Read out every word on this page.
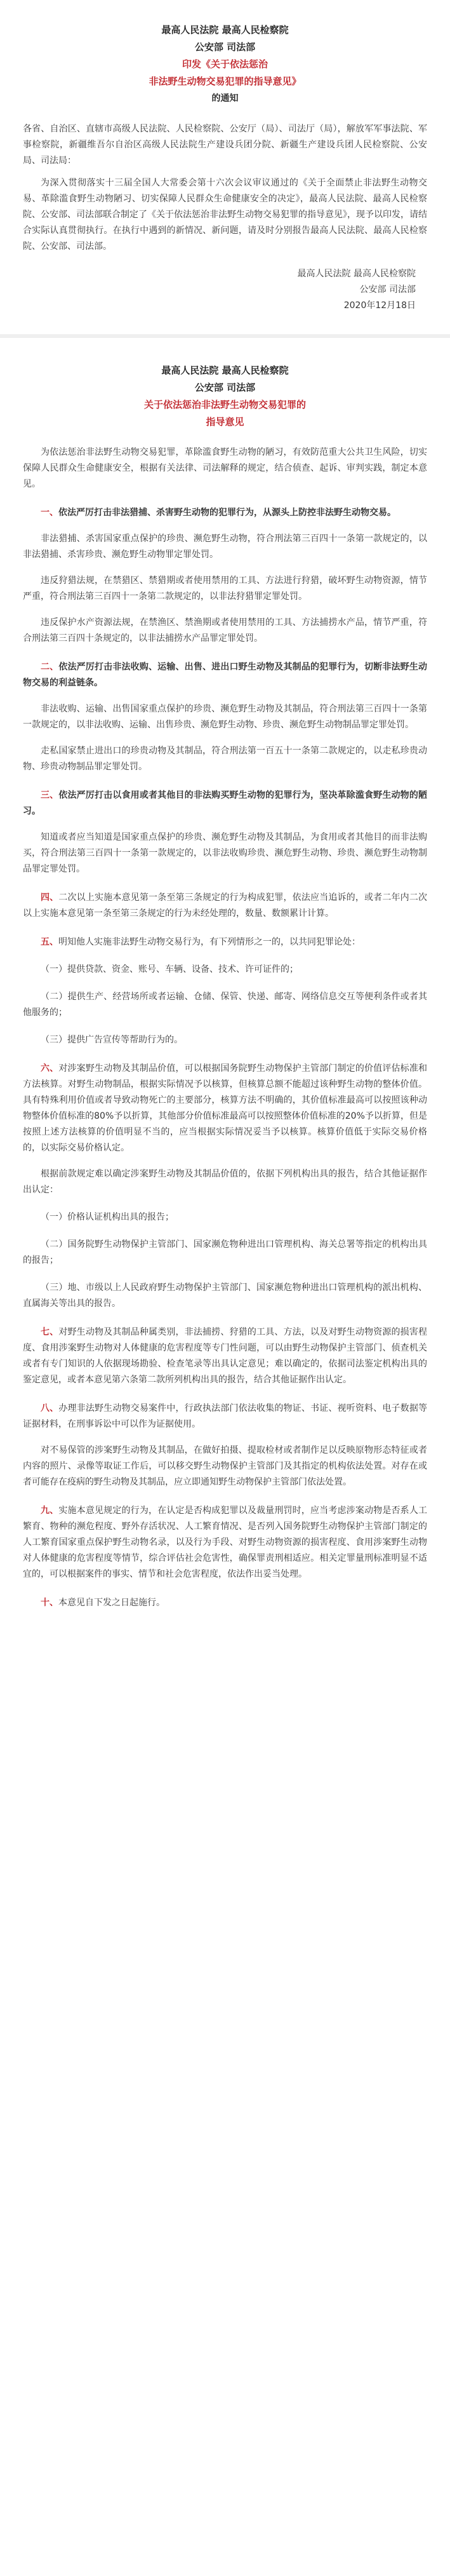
最高人民法院 最高人民检察院
公安部 司法部
印发《关于依法惩治
非法野生动物交易犯罪的指导意见》
的通知
各省、自治区、直辖市高级人民法院、人民检察院、公安厅（局）、司法厅（局），解放军军事法院、军事检察院，新疆维吾尔自治区高级人民法院生产建设兵团分院、新疆生产建设兵团人民检察院、公安局、司法局：
为深入贯彻落实十三届全国人大常委会第十六次会议审议通过的《关于全面禁止非法野生动物交易、革除滥食野生动物陋习、切实保障人民群众生命健康安全的决定》，最高人民法院、最高人民检察院、公安部、司法部联合制定了《关于依法惩治非法野生动物交易犯罪的指导意见》，现予以印发，请结合实际认真贯彻执行。在执行中遇到的新情况、新问题，请及时分别报告最高人民法院、最高人民检察院、公安部、司法部。
最高人民法院 最高人民检察院
公安部 司法部
2020年12月18日
最高人民法院 最高人民检察院
公安部 司法部
关于依法惩治非法野生动物交易犯罪的
指导意见
为依法惩治非法野生动物交易犯罪，革除滥食野生动物的陋习，有效防范重大公共卫生风险，切实保障人民群众生命健康安全，根据有关法律、司法解释的规定，结合侦查、起诉、审判实践，制定本意见。
一、依法严厉打击非法猎捕、杀害野生动物的犯罪行为，从源头上防控非法野生动物交易。
非法猎捕、杀害国家重点保护的珍贵、濒危野生动物，符合刑法第三百四十一条第一款规定的，以非法猎捕、杀害珍贵、濒危野生动物罪定罪处罚。
违反狩猎法规，在禁猎区、禁猎期或者使用禁用的工具、方法进行狩猎，破坏野生动物资源，情节严重，符合刑法第三百四十一条第二款规定的，以非法狩猎罪定罪处罚。
违反保护水产资源法规，在禁渔区、禁渔期或者使用禁用的工具、方法捕捞水产品，情节严重，符合刑法第三百四十条规定的，以非法捕捞水产品罪定罪处罚。
二、依法严厉打击非法收购、运输、出售、进出口野生动物及其制品的犯罪行为，切断非法野生动物交易的利益链条。
非法收购、运输、出售国家重点保护的珍贵、濒危野生动物及其制品，符合刑法第三百四十一条第一款规定的，以非法收购、运输、出售珍贵、濒危野生动物、珍贵、濒危野生动物制品罪定罪处罚。
走私国家禁止进出口的珍贵动物及其制品，符合刑法第一百五十一条第二款规定的，以走私珍贵动物、珍贵动物制品罪定罪处罚。
三、依法严厉打击以食用或者其他目的非法购买野生动物的犯罪行为，坚决革除滥食野生动物的陋习。
知道或者应当知道是国家重点保护的珍贵、濒危野生动物及其制品，为食用或者其他目的而非法购买，符合刑法第三百四十一条第一款规定的，以非法收购珍贵、濒危野生动物、珍贵、濒危野生动物制品罪定罪处罚。
四、二次以上实施本意见第一条至第三条规定的行为构成犯罪，依法应当追诉的，或者二年内二次以上实施本意见第一条至第三条规定的行为未经处理的，数量、数额累计计算。
五、明知他人实施非法野生动物交易行为，有下列情形之一的，以共同犯罪论处：
（一）提供贷款、资金、账号、车辆、设备、技术、许可证件的；
（二）提供生产、经营场所或者运输、仓储、保管、快递、邮寄、网络信息交互等便利条件或者其他服务的；
（三）提供广告宣传等帮助行为的。
六、对涉案野生动物及其制品价值，可以根据国务院野生动物保护主管部门制定的价值评估标准和方法核算。对野生动物制品，根据实际情况予以核算，但核算总额不能超过该种野生动物的整体价值。具有特殊利用价值或者导致动物死亡的主要部分，核算方法不明确的，其价值标准最高可以按照该种动物整体价值标准的80%予以折算，其他部分价值标准最高可以按照整体价值标准的20%予以折算，但是按照上述方法核算的价值明显不当的，应当根据实际情况妥当予以核算。核算价值低于实际交易价格的，以实际交易价格认定。
根据前款规定难以确定涉案野生动物及其制品价值的，依据下列机构出具的报告，结合其他证据作出认定：
（一）价格认证机构出具的报告；
（二）国务院野生动物保护主管部门、国家濒危物种进出口管理机构、海关总署等指定的机构出具的报告；
（三）地、市级以上人民政府野生动物保护主管部门、国家濒危物种进出口管理机构的派出机构、直属海关等出具的报告。
七、对野生动物及其制品种属类别，非法捕捞、狩猎的工具、方法，以及对野生动物资源的损害程度、食用涉案野生动物对人体健康的危害程度等专门性问题，可以由野生动物保护主管部门、侦查机关或者有专门知识的人依据现场勘验、检查笔录等出具认定意见；难以确定的，依据司法鉴定机构出具的鉴定意见，或者本意见第六条第二款所列机构出具的报告，结合其他证据作出认定。
八、办理非法野生动物交易案件中，行政执法部门依法收集的物证、书证、视听资料、电子数据等证据材料，在刑事诉讼中可以作为证据使用。
对不易保管的涉案野生动物及其制品，在做好拍摄、提取检材或者制作足以反映原物形态特征或者内容的照片、录像等取证工作后，可以移交野生动物保护主管部门及其指定的机构依法处置。对存在或者可能存在疫病的野生动物及其制品，应立即通知野生动物保护主管部门依法处置。
九、实施本意见规定的行为，在认定是否构成犯罪以及裁量刑罚时，应当考虑涉案动物是否系人工繁育、物种的濒危程度、野外存活状况、人工繁育情况、是否列入国务院野生动物保护主管部门制定的人工繁育国家重点保护野生动物名录，以及行为手段、对野生动物资源的损害程度、食用涉案野生动物对人体健康的危害程度等情节，综合评估社会危害性，确保罪责刑相适应。相关定罪量刑标准明显不适宜的，可以根据案件的事实、情节和社会危害程度，依法作出妥当处理。
十、本意见自下发之日起施行。
